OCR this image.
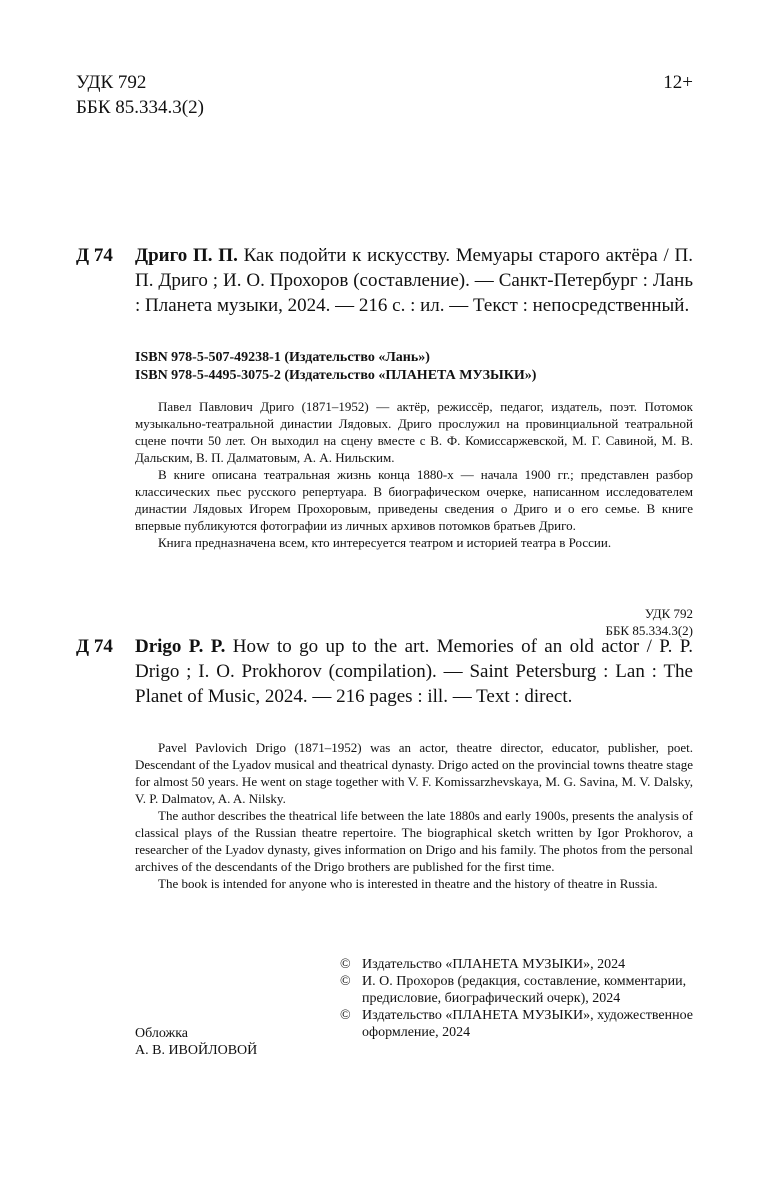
УДК 792
ББК 85.334.3(2)
12+
Д 74 Дриго П. П. Как подойти к искусству. Мемуары старого актёра / П. П. Дриго ; И. О. Прохоров (составление). — Санкт-Петербург : Лань : Планета музыки, 2024. — 216 с. : ил. — Текст : непосредственный.
ISBN 978-5-507-49238-1 (Издательство «Лань»)
ISBN 978-5-4495-3075-2 (Издательство «ПЛАНЕТА МУЗЫКИ»)

Павел Павлович Дриго (1871–1952) — актёр, режиссёр, педагог, издатель, поэт. Потомок музыкально-театральной династии Лядовых. Дриго прослужил на провинциальной театральной сцене почти 50 лет. Он выходил на сцену вместе с В. Ф. Комиссаржевской, М. Г. Савиной, М. В. Дальским, В. П. Далматовым, А. А. Нильским.

В книге описана театральная жизнь конца 1880-х — начала 1900 гг.; представлен разбор классических пьес русского репертуара. В биографическом очерке, написанном исследователем династии Лядовых Игорем Прохоровым, приведены сведения о Дриго и о его семье. В книге впервые публикуются фотографии из личных архивов потомков братьев Дриго.

Книга предназначена всем, кто интересуется театром и историей театра в России.

УДК 792
ББК 85.334.3(2)
Д 74 Drigo P. P. How to go up to the art. Memories of an old actor / P. P. Drigo ; I. O. Prokhorov (compilation). — Saint Petersburg : Lan : The Planet of Music, 2024. — 216 pages : ill. — Text : direct.

Pavel Pavlovich Drigo (1871–1952) was an actor, theatre director, educator, publisher, poet. Descendant of the Lyadov musical and theatrical dynasty. Drigo acted on the provincial towns theatre stage for almost 50 years. He went on stage together with V. F. Komissarzhevskaya, M. G. Savina, M. V. Dalsky, V. P. Dalmatov, A. A. Nilsky.

The author describes the theatrical life between the late 1880s and early 1900s, presents the analysis of classical plays of the Russian theatre repertoire. The biographical sketch written by Igor Prokhorov, a researcher of the Lyadov dynasty, gives information on Drigo and his family. The photos from the personal archives of the descendants of the Drigo brothers are published for the first time.

The book is intended for anyone who is interested in theatre and the history of theatre in Russia.

© Издательство «ПЛАНЕТА МУЗЫКИ», 2024
© И. О. Прохоров (редакция, составление, комментарии, предисловие, биографический очерк), 2024
© Издательство «ПЛАНЕТА МУЗЫКИ», художественное оформление, 2024
Обложка
А. В. ИВОЙЛОВОЙ
